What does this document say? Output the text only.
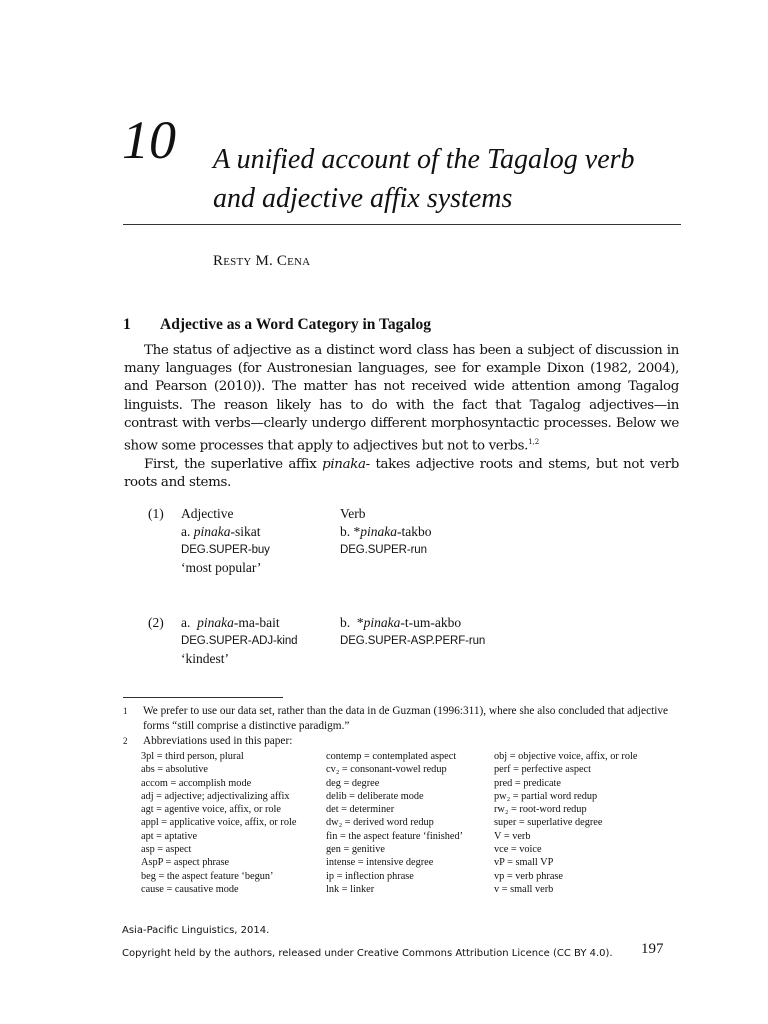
10 A unified account of the Tagalog verb
and adjective affix systems
Resty M. Cena
1 Adjective as a Word Category in Tagalog

The status of adjective as a distinct word class has been a subject of discussion in many languages (for Austronesian languages, see for example Dixon (1982, 2004), and Pearson (2010)). The matter has not received wide attention among Tagalog linguists. The reason likely has to do with the fact that Tagalog adjectives—in contrast with verbs—clearly undergo different morphosyntactic processes. Below we show some processes that apply to adjectives but not to verbs.$^{1,2}$

First, the superlative affix pinaka- takes adjective roots and stems, but not verb roots and stems.

(1) Adjective
a. pinaka-sikat
DEG.SUPER-buy
‘most popular’
Verb
b. *pinaka-takbo
DEG.SUPER-run
(2) a.  pinaka-ma-bait
DEG.SUPER-ADJ-kind
‘kindest’
b.  *pinaka-t-um-akbo
DEG.SUPER-ASP.PERF-run
1	We prefer to use our data set, rather than the data in de Guzman (1996:311), where she also concluded that adjective forms “still comprise a distinctive paradigm.”
2	Abbreviations used in this paper:
3pl = third person, plural
abs = absolutive
accom = accomplish mode
adj = adjective; adjectivalizing affix
agt = agentive voice, affix, or role
appl = applicative voice, affix, or role
apt = aptative
asp = aspect
AspP = aspect phrase
beg = the aspect feature ‘begun’
cause = causative mode
contemp = contemplated aspect
cv₂ = consonant-vowel redup
deg = degree
delib = deliberate mode
det = determiner
dw₂ = derived word redup
fin = the aspect feature ‘finished’
gen = genitive
intense = intensive degree
ip = inflection phrase
lnk = linker
obj = objective voice, affix, or role
perf = perfective aspect
pred = predicate
pw₂ = partial word redup
rw₂ = root-word redup
super = superlative degree
V = verb
vce = voice
vP = small VP
vp = verb phrase
v = small verb
Asia-Pacific Linguistics, 2014.
Copyright held by the authors, released under Creative Commons Attribution Licence (CC BY 4.0). 197
